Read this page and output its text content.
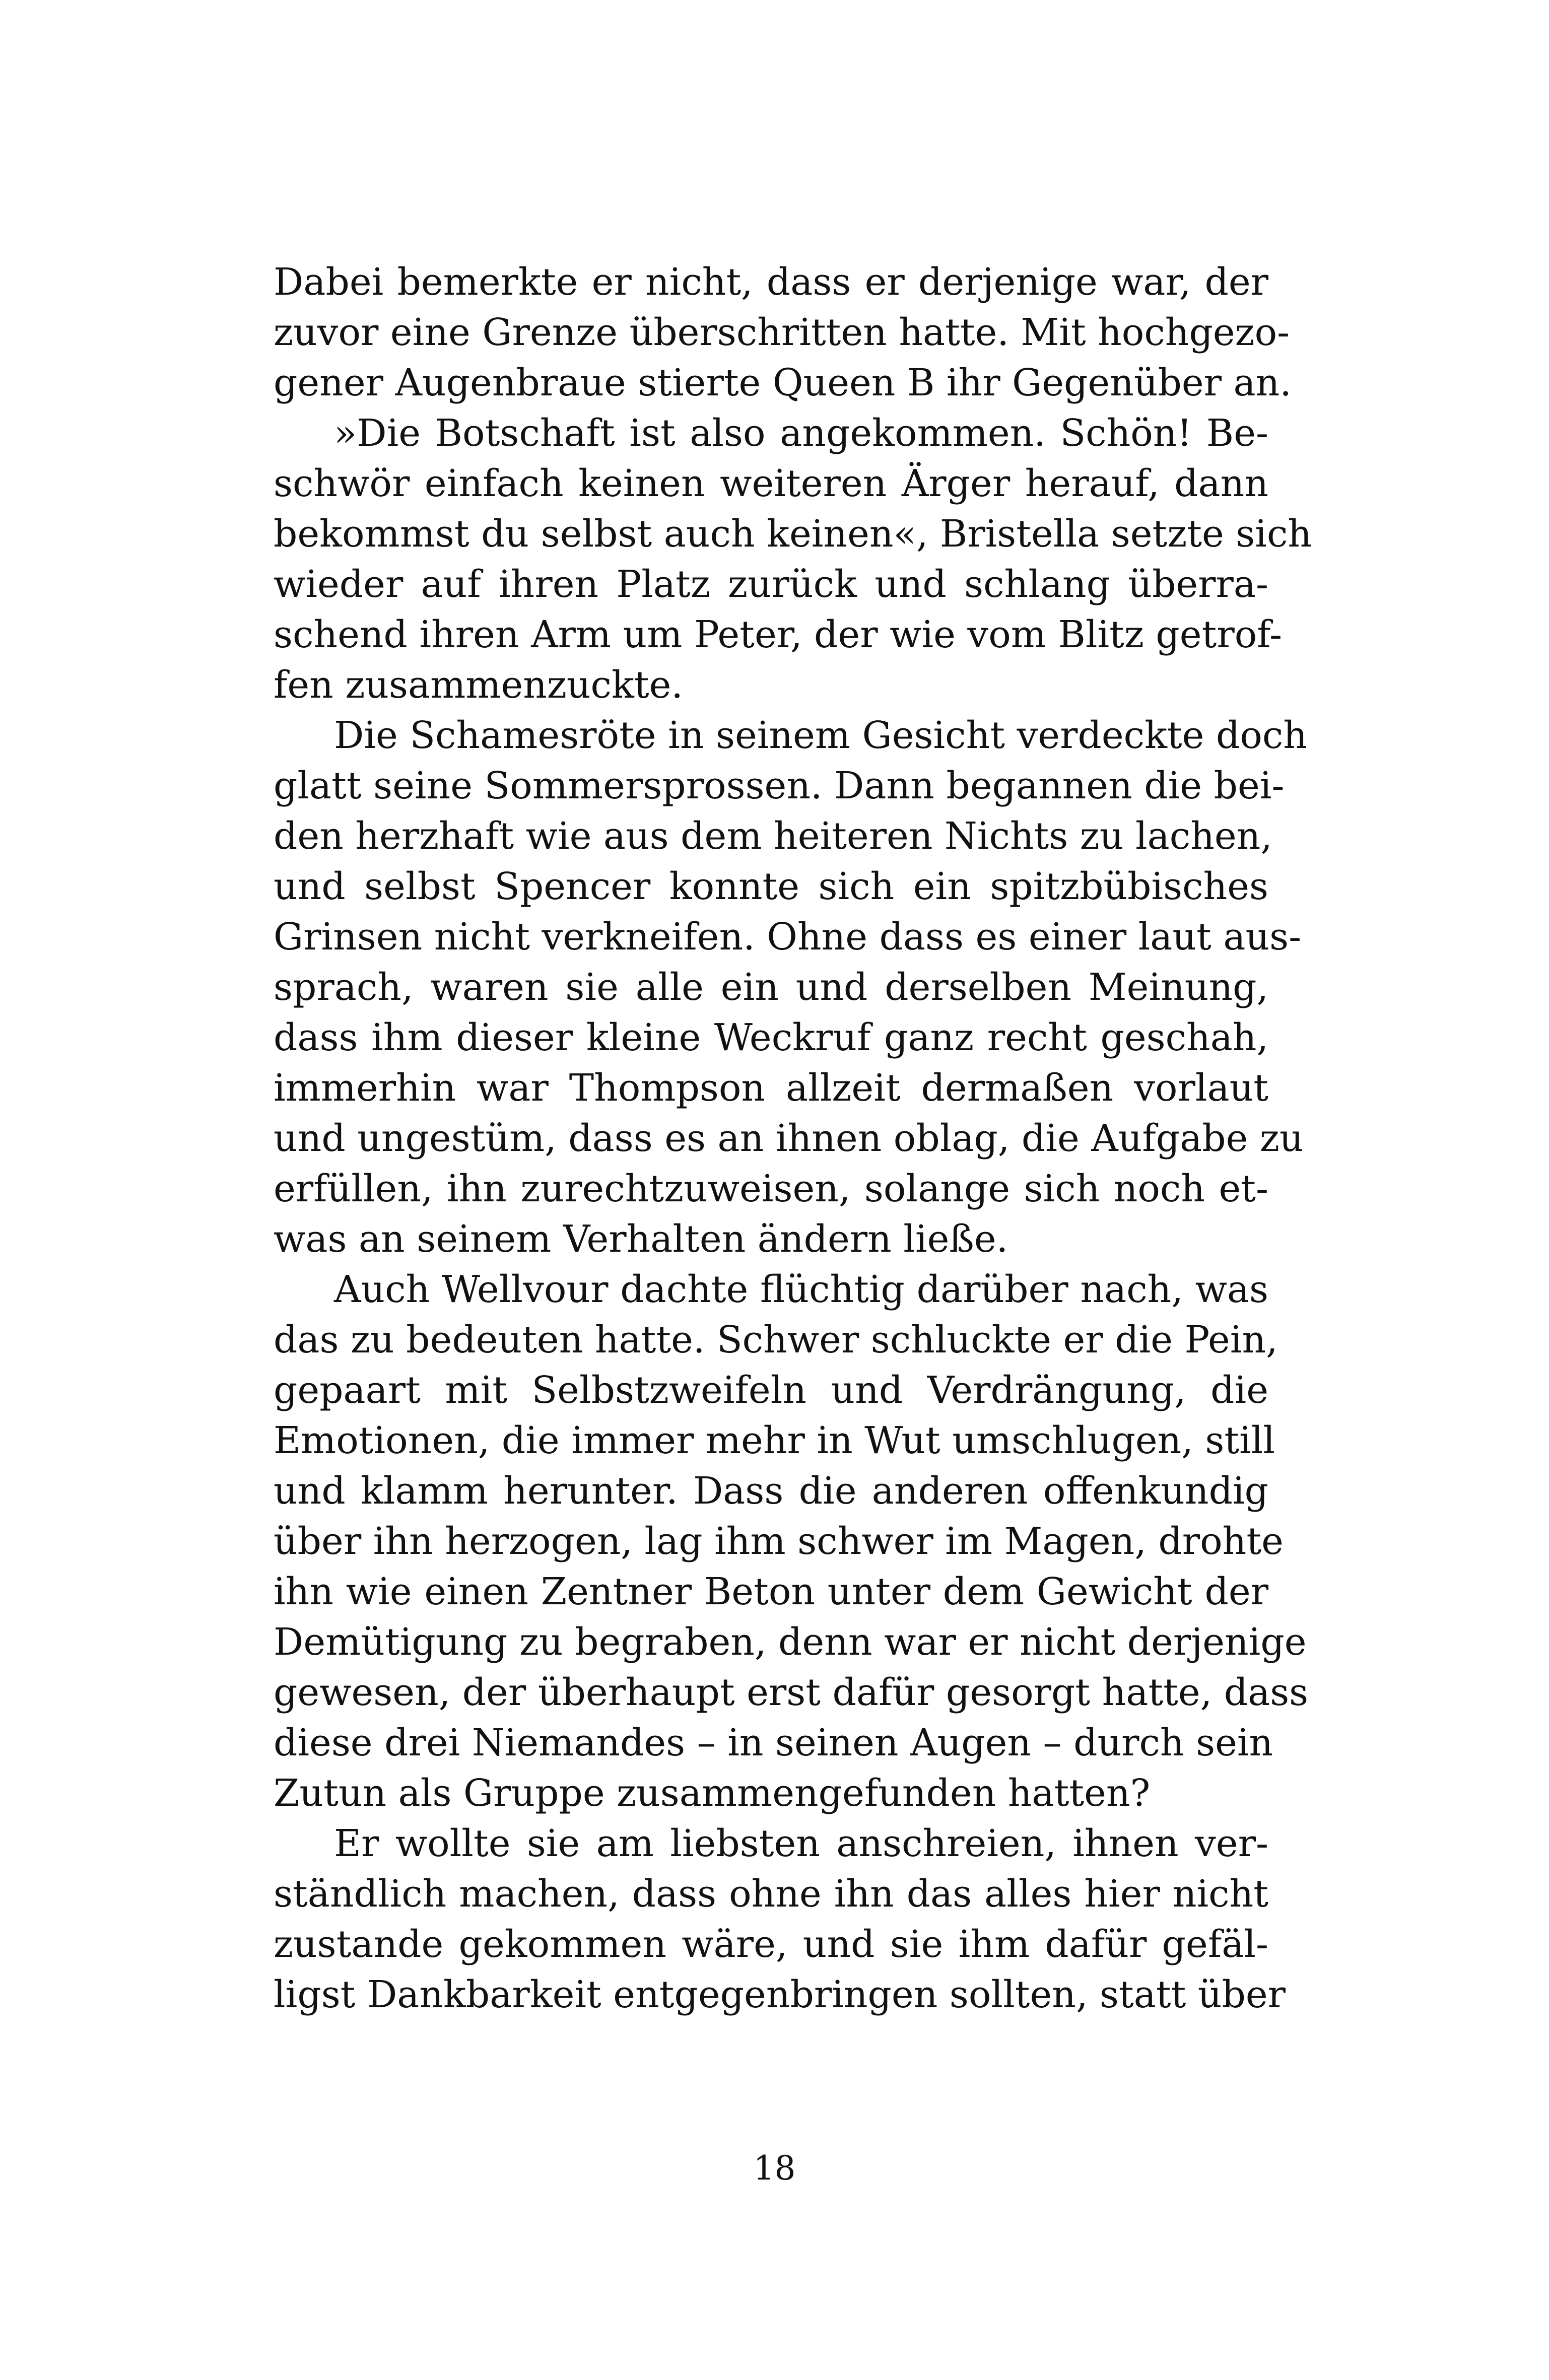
Dabei bemerkte er nicht, dass er derjenige war, der
zuvor eine Grenze überschritten hatte. Mit hochgezo-
gener Augenbraue stierte Queen B ihr Gegenüber an.
»Die Botschaft ist also angekommen. Schön! Be-
schwör einfach keinen weiteren Ärger herauf, dann
bekommst du selbst auch keinen«, Bristella setzte sich
wieder auf ihren Platz zurück und schlang überra-
schend ihren Arm um Peter, der wie vom Blitz getrof-
fen zusammenzuckte.
Die Schamesröte in seinem Gesicht verdeckte doch
glatt seine Sommersprossen. Dann begannen die bei-
den herzhaft wie aus dem heiteren Nichts zu lachen,
und selbst Spencer konnte sich ein spitzbübisches
Grinsen nicht verkneifen. Ohne dass es einer laut aus-
sprach, waren sie alle ein und derselben Meinung,
dass ihm dieser kleine Weckruf ganz recht geschah,
immerhin war Thompson allzeit dermaßen vorlaut
und ungestüm, dass es an ihnen oblag, die Aufgabe zu
erfüllen, ihn zurechtzuweisen, solange sich noch et-
was an seinem Verhalten ändern ließe.
Auch Wellvour dachte flüchtig darüber nach, was
das zu bedeuten hatte. Schwer schluckte er die Pein,
gepaart mit Selbstzweifeln und Verdrängung, die
Emotionen, die immer mehr in Wut umschlugen, still
und klamm herunter. Dass die anderen offenkundig
über ihn herzogen, lag ihm schwer im Magen, drohte
ihn wie einen Zentner Beton unter dem Gewicht der
Demütigung zu begraben, denn war er nicht derjenige
gewesen, der überhaupt erst dafür gesorgt hatte, dass
diese drei Niemandes – in seinen Augen – durch sein
Zutun als Gruppe zusammengefunden hatten?
Er wollte sie am liebsten anschreien, ihnen ver-
ständlich machen, dass ohne ihn das alles hier nicht
zustande gekommen wäre, und sie ihm dafür gefäl-
ligst Dankbarkeit entgegenbringen sollten, statt über
18
